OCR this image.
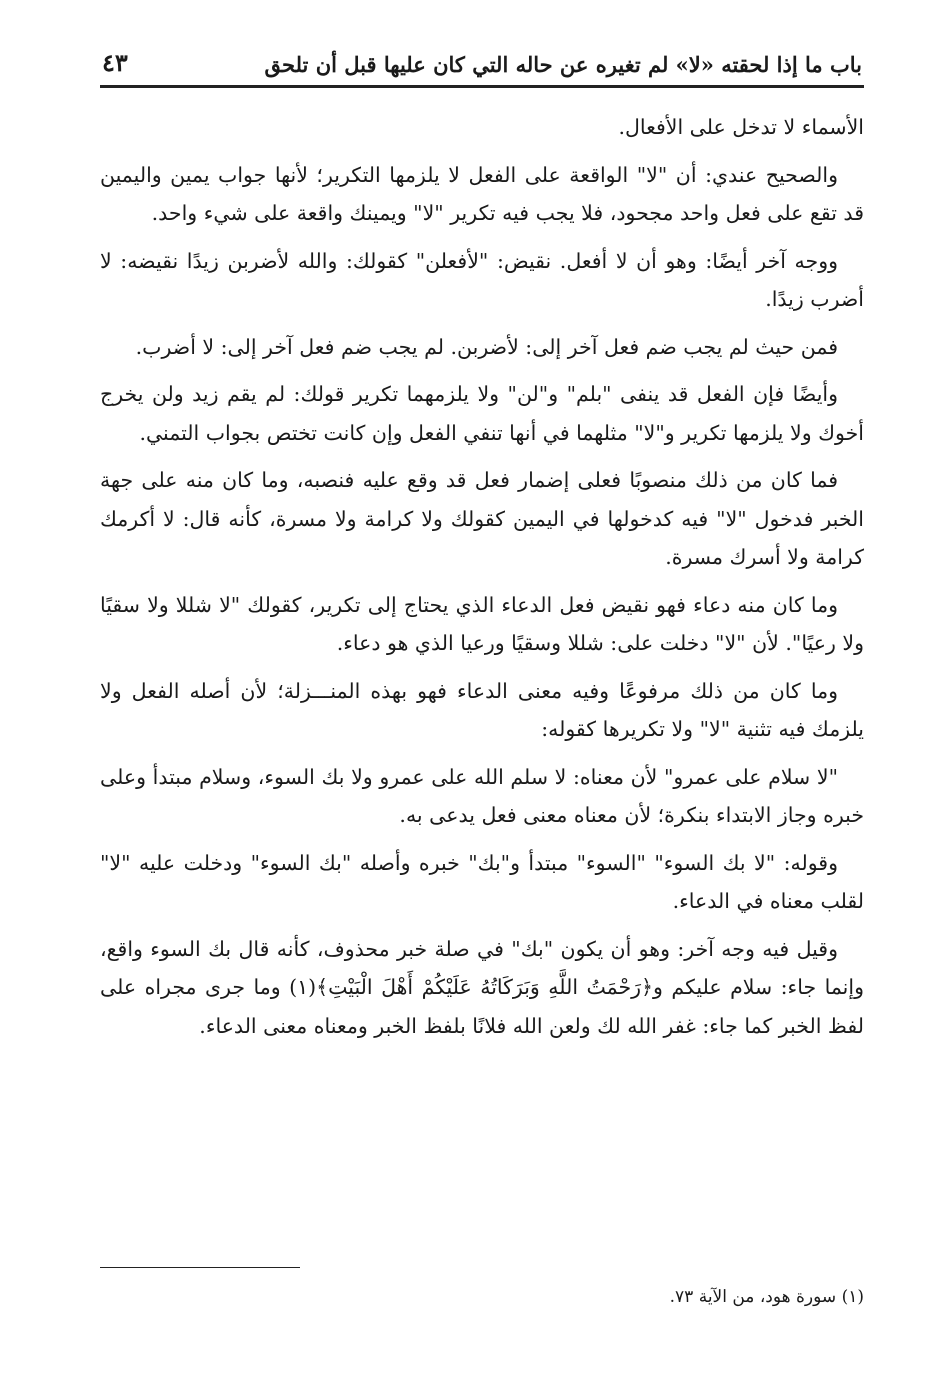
باب ما إذا لحقته «لا» لم تغيره عن حاله التي كان عليها قبل أن تلحق
٤٣

الأسماء لا تدخل على الأفعال.

والصحيح عندي: أن "لا" الواقعة على الفعل لا يلزمها التكرير؛ لأنها جواب يمين واليمين قد تقع على فعل واحد مجحود، فلا يجب فيه تكرير "لا" ويمينك واقعة على شيء واحد.

ووجه آخر أيضًا: وهو أن لا أفعل. نقيض: "لأفعلن" كقولك: والله لأضربن زيدًا نقيضه: لا أضرب زيدًا.

فمن حيث لم يجب ضم فعل آخر إلى: لأضربن. لم يجب ضم فعل آخر إلى: لا أضرب.

وأيضًا فإن الفعل قد ينفى "بلم" و"لن" ولا يلزمهما تكرير قولك: لم يقم زيد ولن يخرج أخوك ولا يلزمها تكرير و"لا" مثلهما في أنها تنفي الفعل وإن كانت تختص بجواب التمني.

فما كان من ذلك منصوبًا فعلى إضمار فعل قد وقع عليه فنصبه، وما كان منه على جهة الخبر فدخول "لا" فيه كدخولها في اليمين كقولك ولا كرامة ولا مسرة، كأنه قال: لا أكرمك كرامة ولا أسرك مسرة.

وما كان منه دعاء فهو نقيض فعل الدعاء الذي يحتاج إلى تكرير، كقولك "لا شللا ولا سقيًا ولا رعيًا". لأن "لا" دخلت على: شللا وسقيًا ورعيا الذي هو دعاء.

وما كان من ذلك مرفوعًا وفيه معنى الدعاء فهو بهذه المنـــزلة؛ لأن أصله الفعل ولا يلزمك فيه تثنية "لا" ولا تكريرها كقوله:

"لا سلام على عمرو" لأن معناه: لا سلم الله على عمرو ولا بك السوء، وسلام مبتدأ وعلى خبره وجاز الابتداء بنكرة؛ لأن معناه معنى فعل يدعى به.

وقوله: "لا بك السوء" "السوء" مبتدأ و"بك" خبره وأصله "بك السوء" ودخلت عليه "لا" لقلب معناه في الدعاء.

وقيل فيه وجه آخر: وهو أن يكون "بك" في صلة خبر محذوف، كأنه قال بك السوء واقع، وإنما جاء: سلام عليكم و﴿رَحْمَتُ اللَّهِ وَبَرَكَاتُهُ عَلَيْكُمْ أَهْلَ الْبَيْتِ﴾(١) وما جرى مجراه على لفظ الخبر كما جاء: غفر الله لك ولعن الله فلانًا بلفظ الخبر ومعناه معنى الدعاء.

(١) سورة هود، من الآية ٧٣.
